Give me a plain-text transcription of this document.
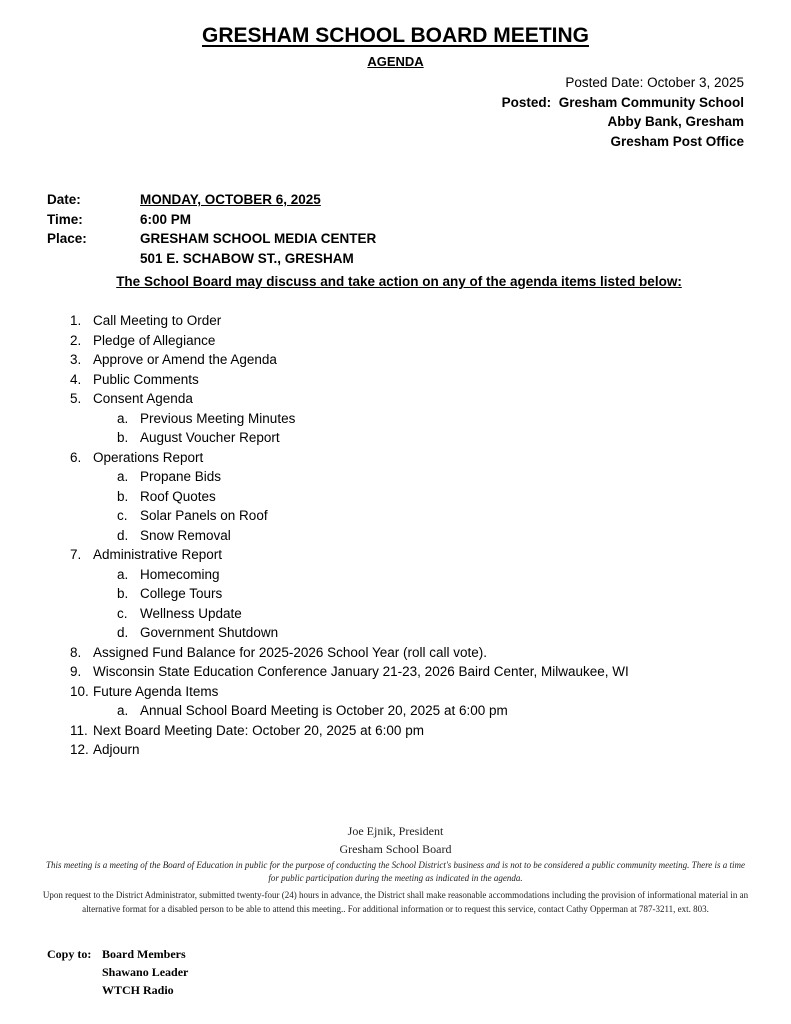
GRESHAM SCHOOL BOARD MEETING
AGENDA
Posted Date: October 3, 2025
Posted: Gresham Community School
Abby Bank, Gresham
Gresham Post Office
Date:	MONDAY, OCTOBER 6, 2025
Time:	6:00 PM
Place:	GRESHAM SCHOOL MEDIA CENTER
501 E. SCHABOW ST., GRESHAM
The School Board may discuss and take action on any of the agenda items listed below:
1. Call Meeting to Order
2. Pledge of Allegiance
3. Approve or Amend the Agenda
4. Public Comments
5. Consent Agenda
a. Previous Meeting Minutes
b. August Voucher Report
6. Operations Report
a. Propane Bids
b. Roof Quotes
c. Solar Panels on Roof
d. Snow Removal
7. Administrative Report
a. Homecoming
b. College Tours
c. Wellness Update
d. Government Shutdown
8. Assigned Fund Balance for 2025-2026 School Year (roll call vote).
9. Wisconsin State Education Conference January 21-23, 2026 Baird Center, Milwaukee, WI
10. Future Agenda Items
a. Annual School Board Meeting is October 20, 2025 at 6:00 pm
11. Next Board Meeting Date: October 20, 2025 at 6:00 pm
12. Adjourn
Joe Ejnik, President
Gresham School Board
This meeting is a meeting of the Board of Education in public for the purpose of conducting the School District's business and is not to be considered a public community meeting. There is a time for public participation during the meeting as indicated in the agenda.
Upon request to the District Administrator, submitted twenty-four (24) hours in advance, the District shall make reasonable accommodations including the provision of informational material in an alternative format for a disabled person to be able to attend this meeting.. For additional information or to request this service, contact Cathy Opperman at 787-3211, ext. 803.
Copy to: Board Members
Shawano Leader
WTCH Radio
